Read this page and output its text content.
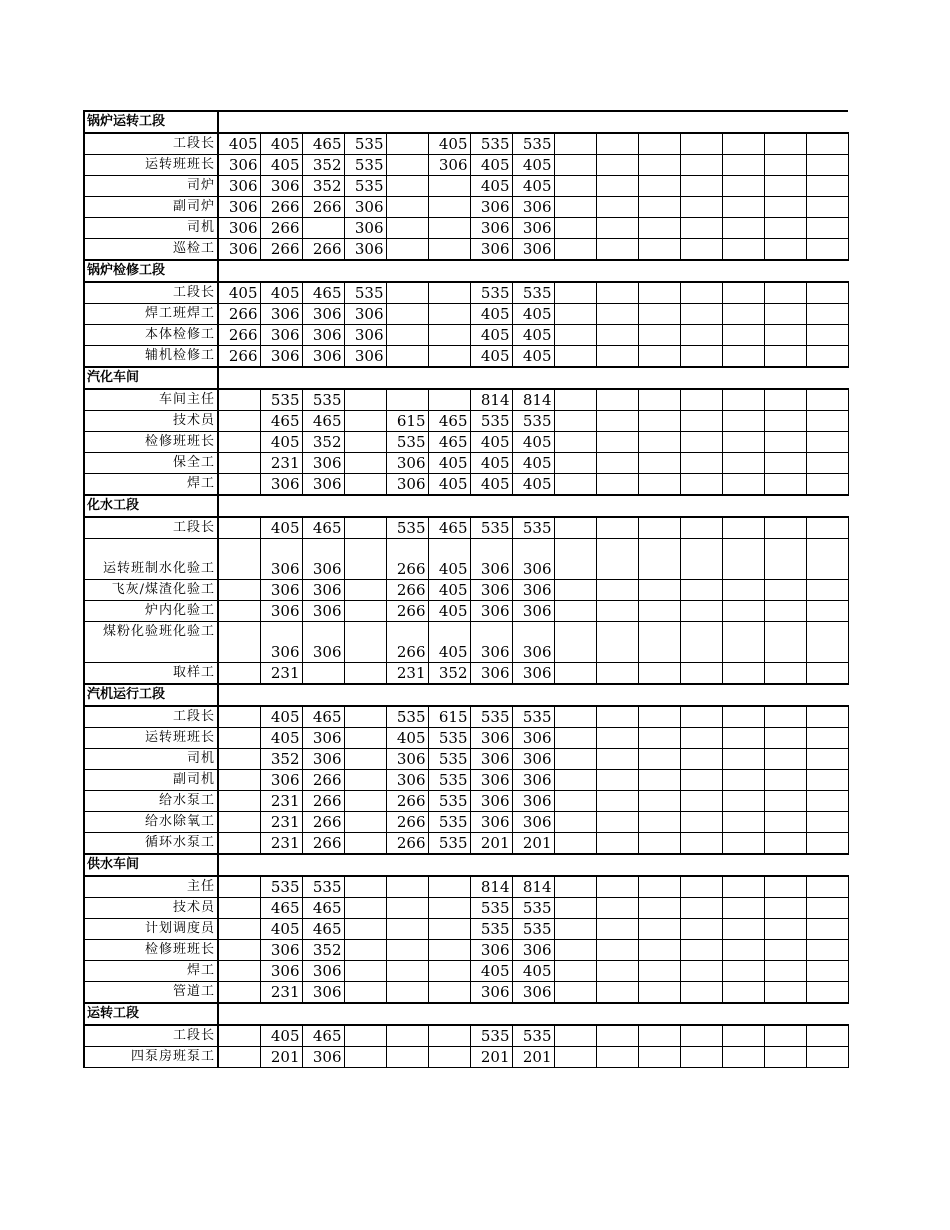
锅炉运转工段															
工段长	405	405	465	535		405	535	535							
运转班班长	306	405	352	535		306	405	405							
司炉	306	306	352	535			405	405							
副司炉	306	266	266	306			306	306							
司机	306	266		306			306	306							
巡检工	306	266	266	306			306	306							
锅炉检修工段															
工段长	405	405	465	535			535	535							
焊工班焊工	266	306	306	306			405	405							
本体检修工	266	306	306	306			405	405							
辅机检修工	266	306	306	306			405	405							
汽化车间															
车间主任		535	535				814	814							
技术员		465	465		615	465	535	535							
检修班班长		405	352		535	465	405	405							
保全工		231	306		306	405	405	405							
焊工		306	306		306	405	405	405							
化水工段															
工段长		405	465		535	465	535	535							
运转班制水化验工		306	306		266	405	306	306							
飞灰/煤渣化验工		306	306		266	405	306	306							
炉内化验工		306	306		266	405	306	306							
煤粉化验班化验工		306	306		266	405	306	306							
取样工		231			231	352	306	306							
汽机运行工段															
工段长		405	465		535	615	535	535							
运转班班长		405	306		405	535	306	306							
司机		352	306		306	535	306	306							
副司机		306	266		306	535	306	306							
给水泵工		231	266		266	535	306	306							
给水除氧工		231	266		266	535	306	306							
循环水泵工		231	266		266	535	201	201							
供水车间															
主任		535	535				814	814							
技术员		465	465				535	535							
计划调度员		405	465				535	535							
检修班班长		306	352				306	306							
焊工		306	306				405	405							
管道工		231	306				306	306							
运转工段															
工段长		405	465				535	535							
四泵房班泵工		201	306				201	201							
